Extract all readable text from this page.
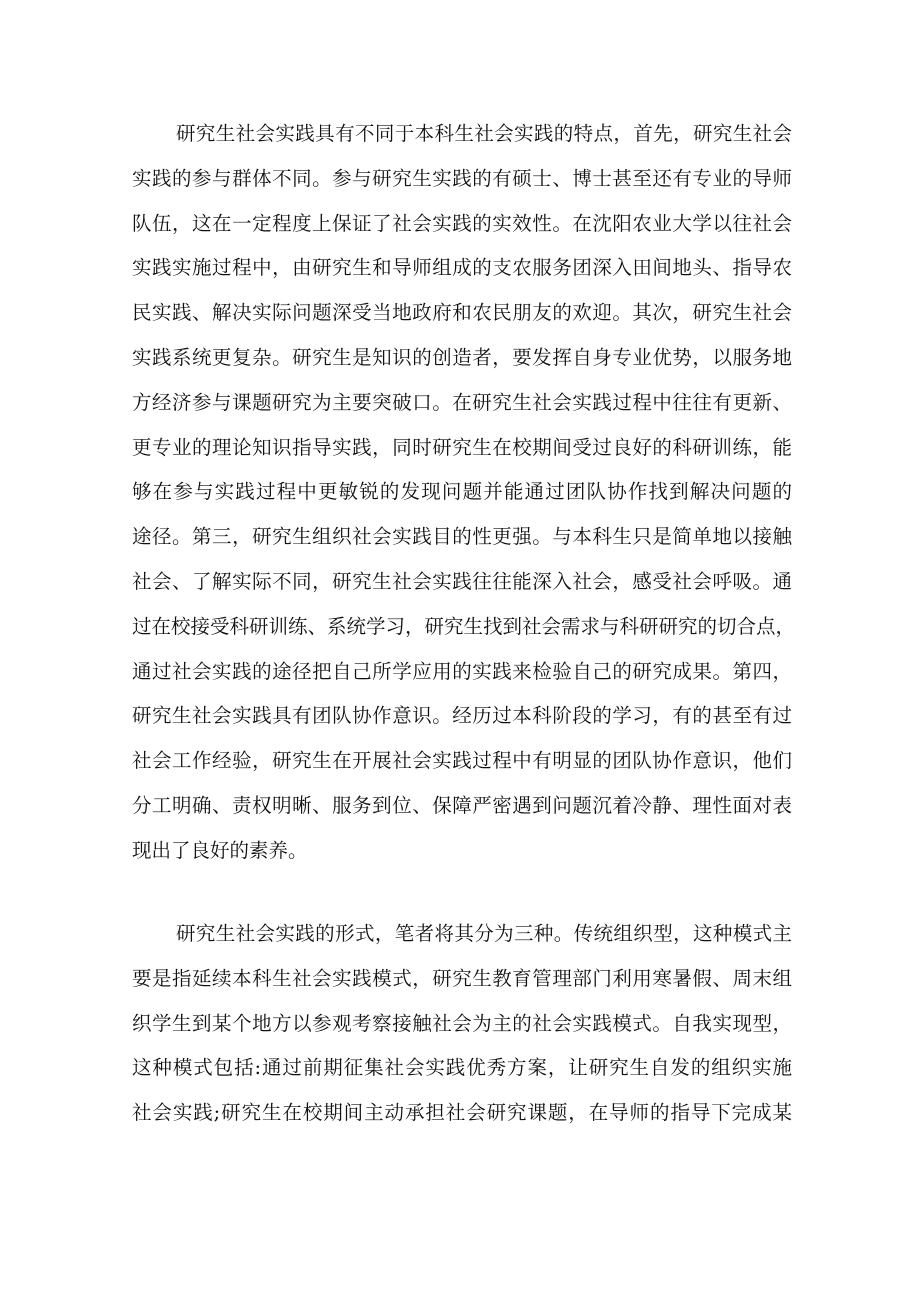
研究生社会实践具有不同于本科生社会实践的特点，首先，研究生社会
实践的参与群体不同。参与研究生实践的有硕士、博士甚至还有专业的导师
队伍，这在一定程度上保证了社会实践的实效性。在沈阳农业大学以往社会
实践实施过程中，由研究生和导师组成的支农服务团深入田间地头、指导农
民实践、解决实际问题深受当地政府和农民朋友的欢迎。其次，研究生社会
实践系统更复杂。研究生是知识的创造者，要发挥自身专业优势，以服务地
方经济参与课题研究为主要突破口。在研究生社会实践过程中往往有更新、
更专业的理论知识指导实践，同时研究生在校期间受过良好的科研训练，能
够在参与实践过程中更敏锐的发现问题并能通过团队协作找到解决问题的
途径。第三，研究生组织社会实践目的性更强。与本科生只是简单地以接触
社会、了解实际不同，研究生社会实践往往能深入社会，感受社会呼吸。通
过在校接受科研训练、系统学习，研究生找到社会需求与科研研究的切合点，
通过社会实践的途径把自己所学应用的实践来检验自己的研究成果。第四，
研究生社会实践具有团队协作意识。经历过本科阶段的学习，有的甚至有过
社会工作经验，研究生在开展社会实践过程中有明显的团队协作意识，他们
分工明确、责权明晰、服务到位、保障严密遇到问题沉着冷静、理性面对表
现出了良好的素养。
研究生社会实践的形式，笔者将其分为三种。传统组织型，这种模式主
要是指延续本科生社会实践模式，研究生教育管理部门利用寒暑假、周末组
织学生到某个地方以参观考察接触社会为主的社会实践模式。自我实现型，
这种模式包括:通过前期征集社会实践优秀方案，让研究生自发的组织实施
社会实践;研究生在校期间主动承担社会研究课题，在导师的指导下完成某
